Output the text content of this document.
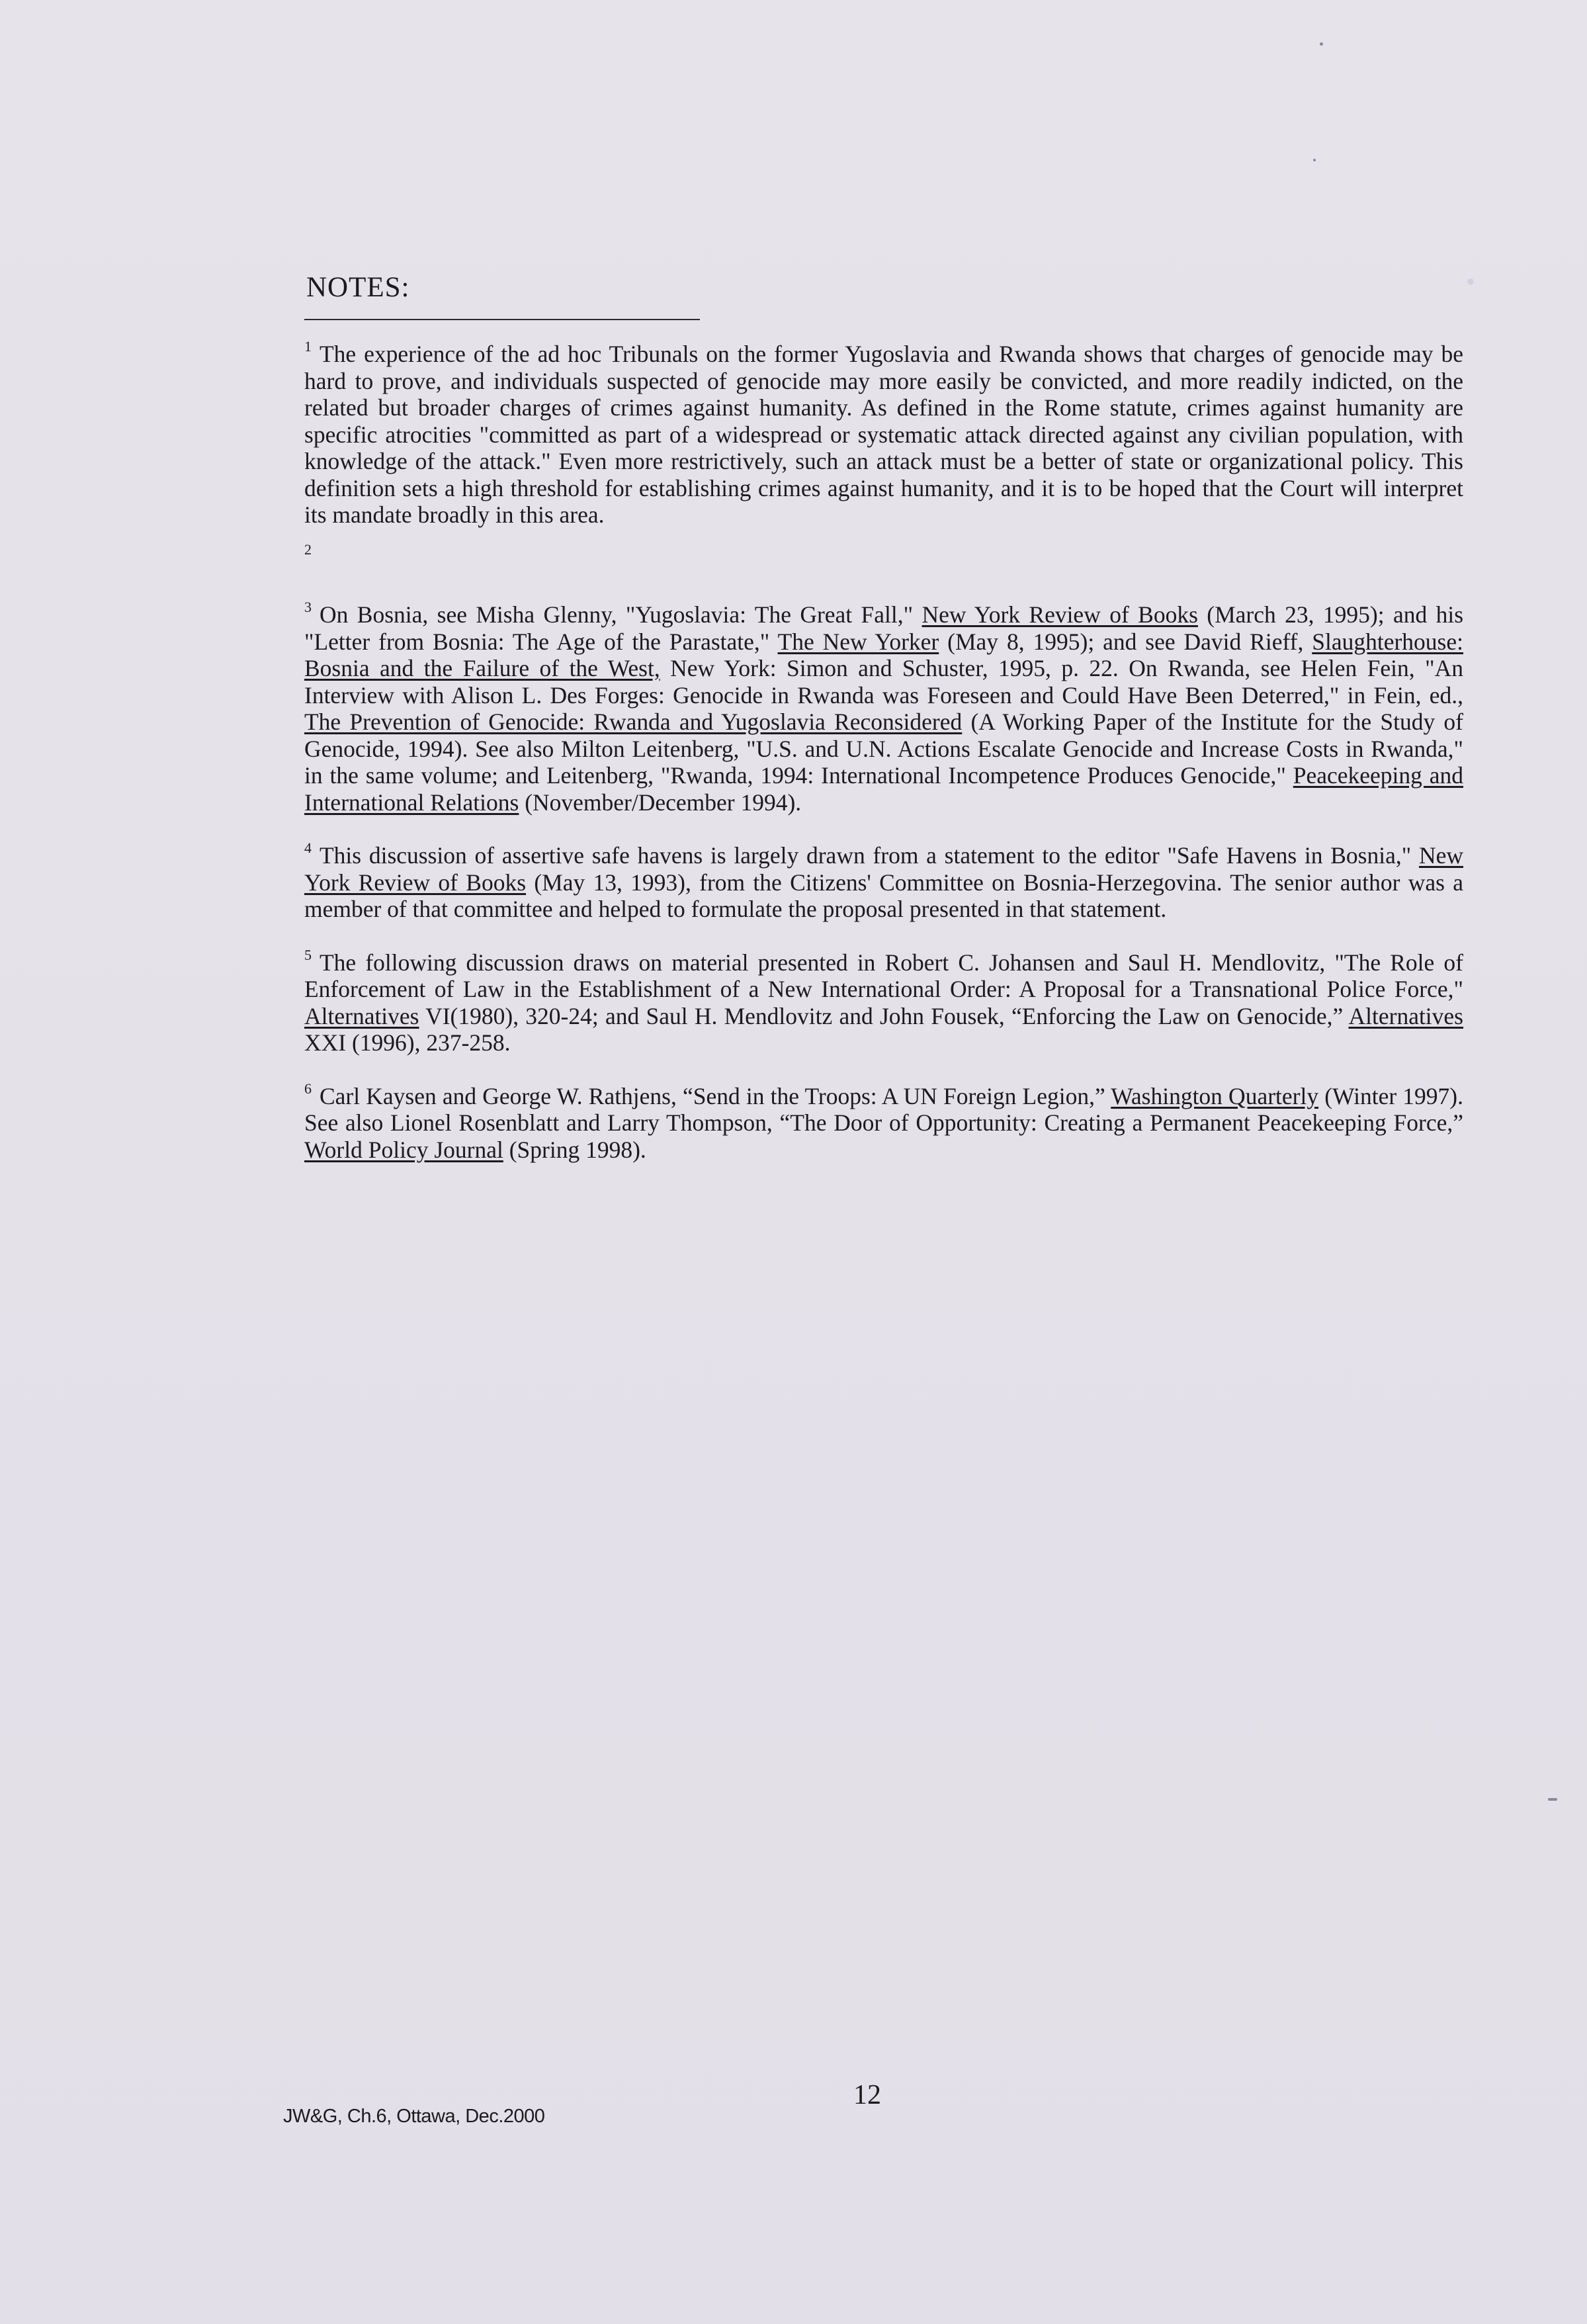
•                         

NOTES:

$^1$ The experience of the ad hoc Tribunals on the former Yugoslavia and Rwanda shows that charges of genocide may be hard to prove, and individuals suspected of genocide may more easily be convicted, and more readily indicted, on the related but broader charges of crimes against humanity. As defined in the Rome statute, crimes against humanity are specific atrocities "committed as part of a widespread or systematic attack directed against any civilian population, with knowledge of the attack." Even more restrictively, such an attack must be a better of state or organizational policy. This definition sets a high threshold for establishing crimes against humanity, and it is to be hoped that the Court will interpret its mandate broadly in this area.

$^2$

$^3$ On Bosnia, see Misha Glenny, "Yugoslavia: The Great Fall," New York Review of Books (March 23, 1995); and his "Letter from Bosnia: The Age of the Parastate," The New Yorker (May 8, 1995); and see David Rieff, Slaughterhouse: Bosnia and the Failure of the West, New York: Simon and Schuster, 1995, p. 22. On Rwanda, see Helen Fein, "An Interview with Alison L. Des Forges: Genocide in Rwanda was Foreseen and Could Have Been Deterred," in Fein, ed., The Prevention of Genocide: Rwanda and Yugoslavia Reconsidered (A Working Paper of the Institute for the Study of Genocide, 1994). See also Milton Leitenberg, "U.S. and U.N. Actions Escalate Genocide and Increase Costs in Rwanda," in the same volume; and Leitenberg, "Rwanda, 1994: International Incompetence Produces Genocide," Peacekeeping and International Relations (November/December 1994).

$^4$ This discussion of assertive safe havens is largely drawn from a statement to the editor "Safe Havens in Bosnia," New York Review of Books (May 13, 1993), from the Citizens' Committee on Bosnia-Herzegovina. The senior author was a member of that committee and helped to formulate the proposal presented in that statement.

$^5$ The following discussion draws on material presented in Robert C. Johansen and Saul H. Mendlovitz, "The Role of Enforcement of Law in the Establishment of a New International Order: A Proposal for a Transnational Police Force," Alternatives VI(1980), 320-24; and Saul H. Mendlovitz and John Fousek, “Enforcing the Law on Genocide,” Alternatives XXI (1996), 237-258.

$^6$ Carl Kaysen and George W. Rathjens, “Send in the Troops: A UN Foreign Legion,” Washington Quarterly (Winter 1997). See also Lionel Rosenblatt and Larry Thompson, “The Door of Opportunity: Creating a Permanent Peacekeeping Force,” World Policy Journal (Spring 1998).

12
JW&G, Ch.6, Ottawa, Dec.2000
